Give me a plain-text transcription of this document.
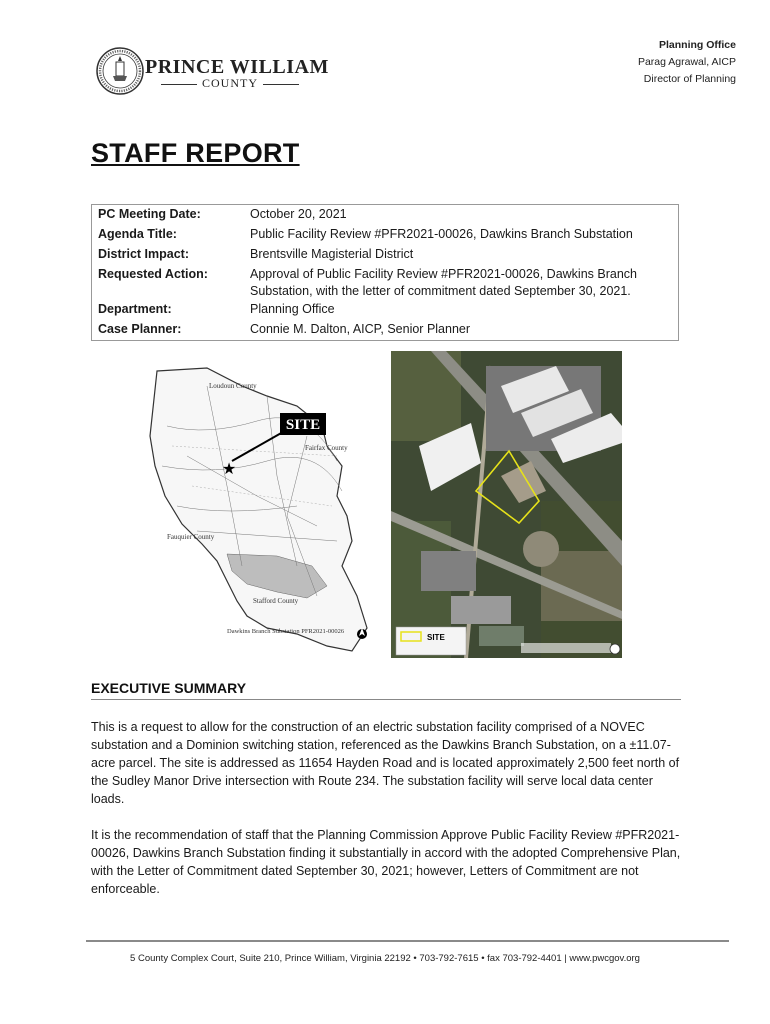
PRINCE WILLIAM
COUNTY
Planning Office
Parag Agrawal, AICP
Director of Planning
STAFF REPORT
PC Meeting Date:	October 20, 2021
Agenda Title:	Public Facility Review #PFR2021-00026, Dawkins Branch Substation
District Impact:	Brentsville Magisterial District
Requested Action:	Approval of Public Facility Review #PFR2021-00026, Dawkins Branch Substation, with the letter of commitment dated September 30, 2021.
Department:	Planning Office
Case Planner:	Connie M. Dalton, AICP, Senior Planner
★
SITE
Loudoun County
Fairfax County
Fauquier County
Stafford County
Dawkins Branch Substation PFR2021-00026
SITE
EXECUTIVE SUMMARY
This is a request to allow for the construction of an electric substation facility comprised of a NOVEC substation and a Dominion switching station, referenced as the Dawkins Branch Substation, on a ±11.07-acre parcel. The site is addressed as 11654 Hayden Road and is located approximately 2,500 feet north of the Sudley Manor Drive intersection with Route 234. The substation facility will serve local data center loads.
It is the recommendation of staff that the Planning Commission Approve Public Facility Review #PFR2021-00026, Dawkins Branch Substation finding it substantially in accord with the adopted Comprehensive Plan, with the Letter of Commitment dated September 30, 2021; however, Letters of Commitment are not enforceable.
5 County Complex Court, Suite 210, Prince William, Virginia 22192 • 703-792-7615 • fax 703-792-4401 | www.pwcgov.org
